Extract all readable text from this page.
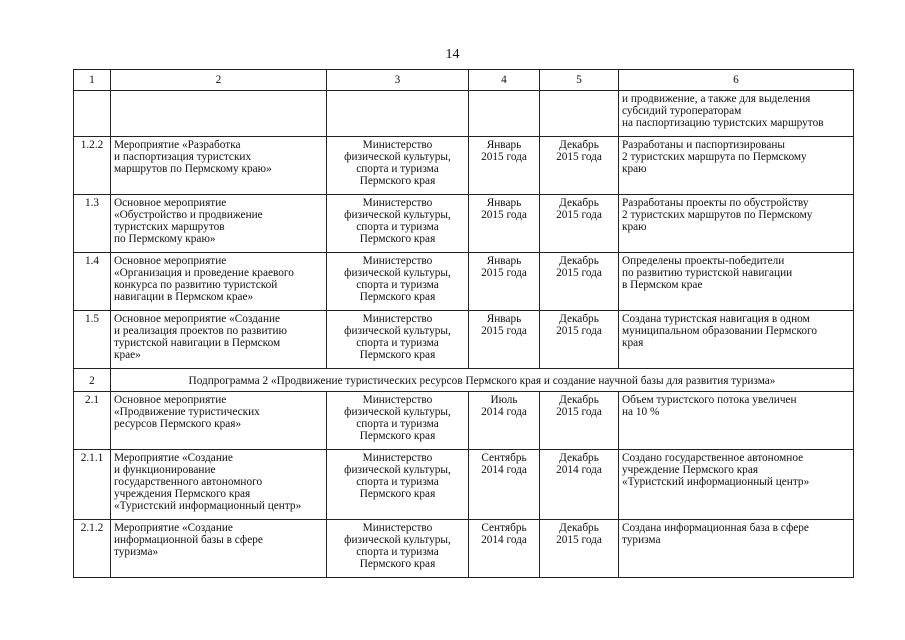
14
1	2	3	4	5	6
					и продвижение, а также для выделения
субсидий туроператорам
на паспортизацию туристских маршрутов
1.2.2	Мероприятие «Разработка
и паспортизация туристских
маршрутов по Пермскому краю»	Министерство
физической культуры,
спорта и туризма
Пермского края	Январь
2015 года	Декабрь
2015 года	Разработаны и паспортизированы
2 туристских маршрута по Пермскому
краю
1.3	Основное мероприятие
«Обустройство и продвижение
туристских маршрутов
по Пермскому краю»	Министерство
физической культуры,
спорта и туризма
Пермского края	Январь
2015 года	Декабрь
2015 года	Разработаны проекты по обустройству
2 туристских маршрутов по Пермскому
краю
1.4	Основное мероприятие
«Организация и проведение краевого
конкурса по развитию туристской
навигации в Пермском крае»	Министерство
физической культуры,
спорта и туризма
Пермского края	Январь
2015 года	Декабрь
2015 года	Определены проекты-победители
по развитию туристской навигации
в Пермском крае
1.5	Основное мероприятие «Создание
и реализация проектов по развитию
туристской навигации в Пермском
крае»	Министерство
физической культуры,
спорта и туризма
Пермского края	Январь
2015 года	Декабрь
2015 года	Создана туристская навигация в одном
муниципальном образовании Пермского
края
2	Подпрограмма 2 «Продвижение туристических ресурсов Пермского края и создание научной базы для развития туризма»				
2.1	Основное мероприятие
«Продвижение туристических
ресурсов Пермского края»	Министерство
физической культуры,
спорта и туризма
Пермского края	Июль
2014 года	Декабрь
2015 года	Объем туристского потока увеличен
на 10 %
2.1.1	Мероприятие «Создание
и функционирование
государственного автономного
учреждения Пермского края
«Туристский информационный центр»	Министерство
физической культуры,
спорта и туризма
Пермского края	Сентябрь
2014 года	Декабрь
2014 года	Создано государственное автономное
учреждение Пермского края
«Туристский информационный центр»
2.1.2	Мероприятие «Создание
информационной базы в сфере
туризма»	Министерство
физической культуры,
спорта и туризма
Пермского края	Сентябрь
2014 года	Декабрь
2015 года	Создана информационная база в сфере
туризма
